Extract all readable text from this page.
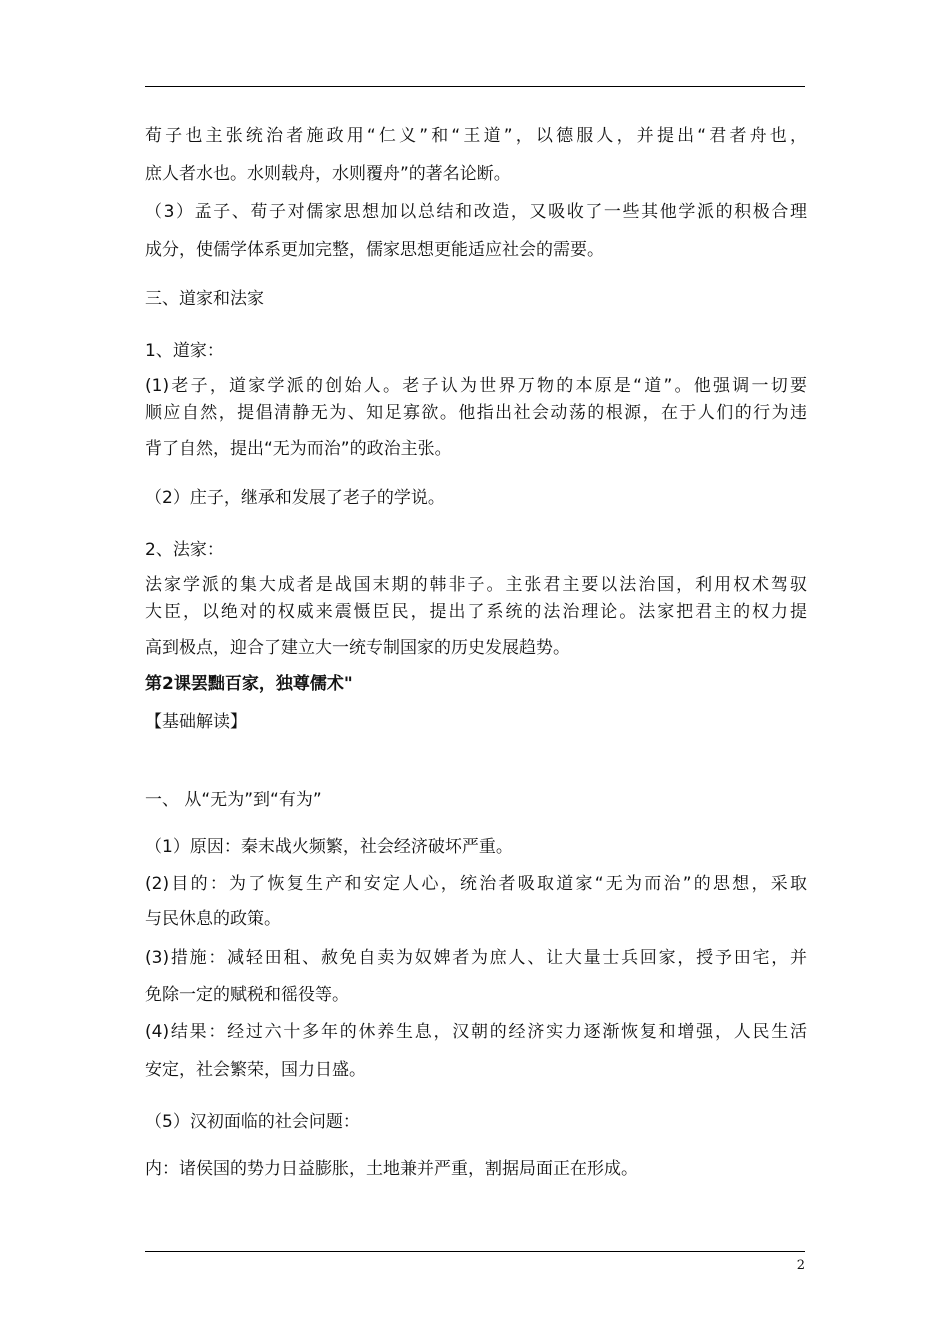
荀子也主张统治者施政用“仁义”和“王道”，以德服人，并提出“君者舟也，
庶人者水也。水则载舟，水则覆舟”的著名论断。
（3）孟子、荀子对儒家思想加以总结和改造，又吸收了一些其他学派的积极合理
成分，使儒学体系更加完整，儒家思想更能适应社会的需要。
三、道家和法家
1、道家：
(1)老子，道家学派的创始人。老子认为世界万物的本原是“道”。他强调一切要
顺应自然，提倡清静无为、知足寡欲。他指出社会动荡的根源，在于人们的行为违
背了自然，提出“无为而治”的政治主张。
（2）庄子，继承和发展了老子的学说。
2、法家：
法家学派的集大成者是战国末期的韩非子。主张君主要以法治国，利用权术驾驭
大臣，以绝对的权威来震慑臣民，提出了系统的法治理论。法家把君主的权力提
高到极点，迎合了建立大一统专制国家的历史发展趋势。
第2课罢黜百家，独尊儒术"
【基础解读】
一、 从“无为”到“有为”
（1）原因：秦末战火频繁，社会经济破坏严重。
(2)目的：为了恢复生产和安定人心，统治者吸取道家“无为而治”的思想，采取
与民休息的政策。
(3)措施：减轻田租、赦免自卖为奴婢者为庶人、让大量士兵回家，授予田宅，并
免除一定的赋税和徭役等。
(4)结果：经过六十多年的休养生息，汉朝的经济实力逐渐恢复和增强，人民生活
安定，社会繁荣，国力日盛。
（5）汉初面临的社会问题：
内：诸侯国的势力日益膨胀，土地兼并严重，割据局面正在形成。
2
